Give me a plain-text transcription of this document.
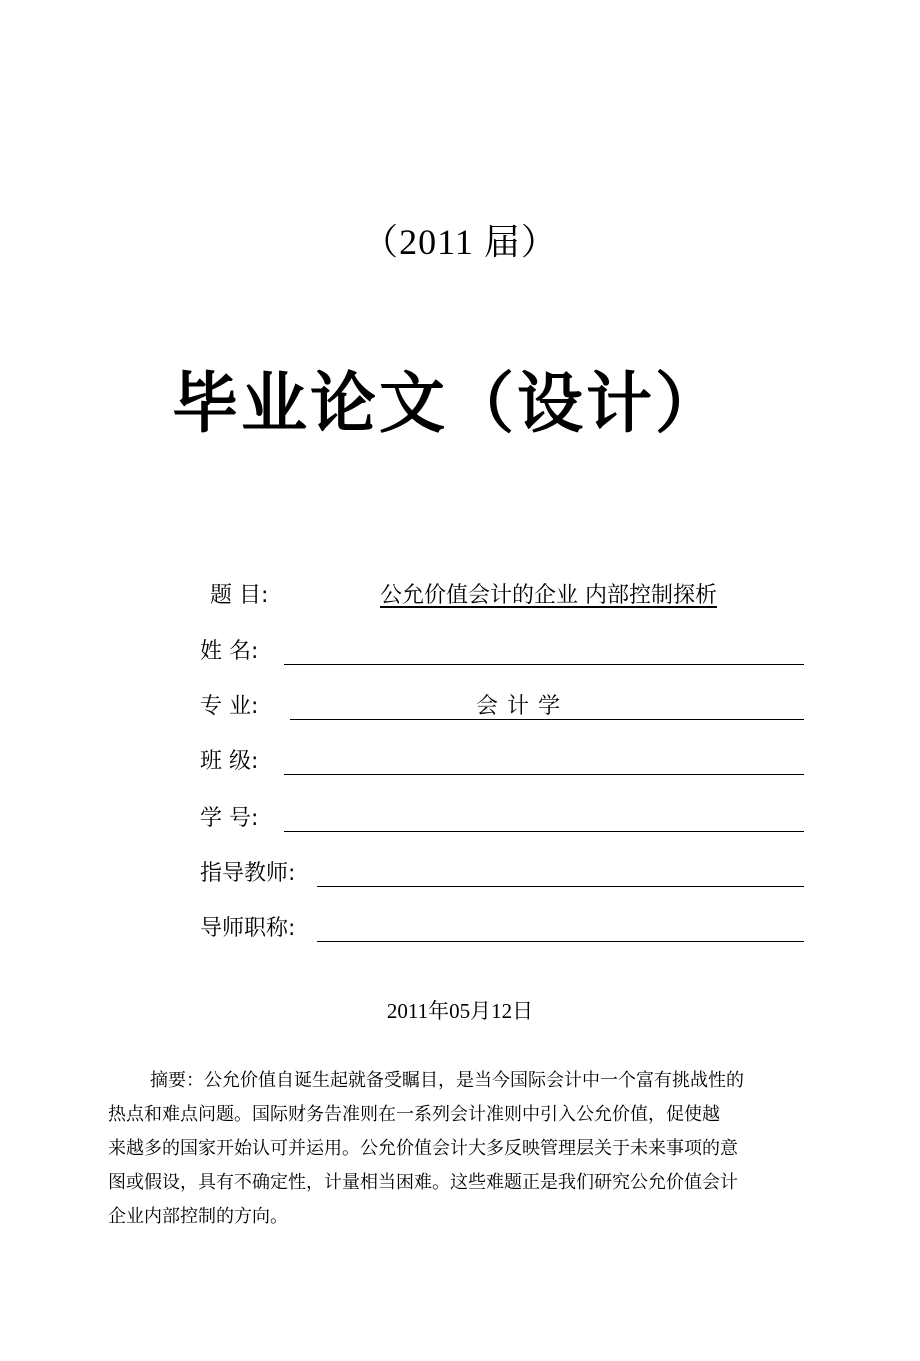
（2011 届）
毕业论文（设计）
题 目:	公允价值会计的企业 内部控制探析
姓 名:
专 业:	会 计 学
班 级:
学 号:
指导教师:
导师职称:
2011年05月12日
摘要：公允价值自诞生起就备受瞩目，是当今国际会计中一个富有挑战性的
热点和难点问题。国际财务告准则在一系列会计准则中引入公允价值，促使越
来越多的国家开始认可并运用。公允价值会计大多反映管理层关于未来事项的意
图或假设，具有不确定性，计量相当困难。这些难题正是我们研究公允价值会计
企业内部控制的方向。
